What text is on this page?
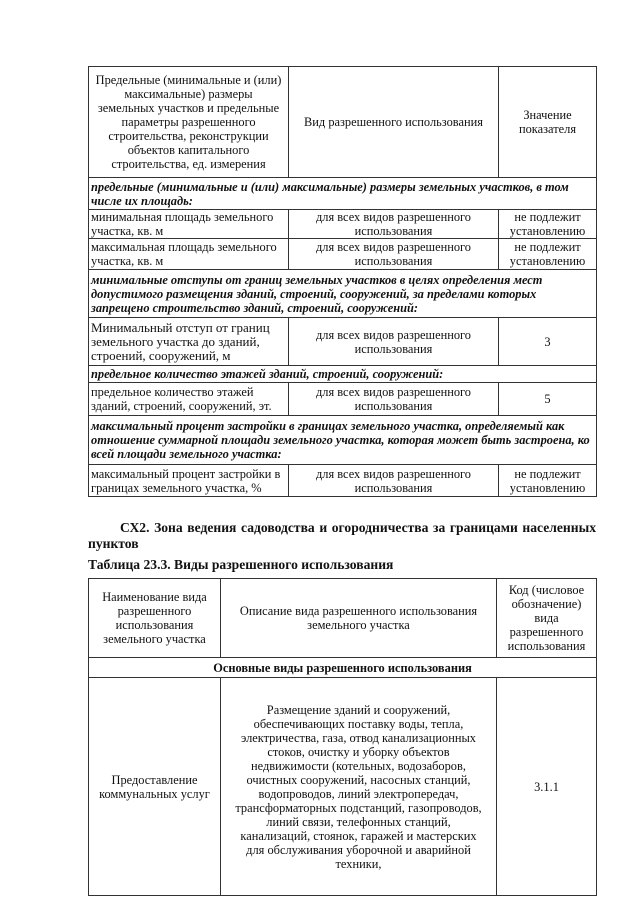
Предельные (минимальные и (или) максимальные) размеры земельных участков и предельные параметры разрешенного строительства, реконструкции объектов капитального строительства, ед. измерения	Вид разрешенного использования	Значение показателя
предельные (минимальные и (или) максимальные) размеры земельных участков, в том числе их площадь:		
минимальная площадь земельного участка, кв. м	для всех видов разрешенного использования	не подлежит установлению
максимальная площадь земельного участка, кв. м	для всех видов разрешенного использования	не подлежит установлению
минимальные отступы от границ земельных участков в целях определения мест допустимого размещения зданий, строений, сооружений, за пределами которых запрещено строительство зданий, строений, сооружений:		
Минимальный отступ от границ земельного участка до зданий, строений, сооружений, м	для всех видов разрешенного использования	3
предельное количество этажей зданий, строений, сооружений:		
предельное количество этажей зданий, строений, сооружений, эт.	для всех видов разрешенного использования	5
максимальный процент застройки в границах земельного участка, определяемый как отношение суммарной площади земельного участка, которая может быть застроена, ко всей площади земельного участка:		
максимальный процент застройки в границах земельного участка, %	для всех видов разрешенного использования	не подлежит установлению
СХ2. Зона ведения садоводства и огородничества за границами населенных пунктов
Таблица 23.3. Виды разрешенного использования
Наименование вида разрешенного использования земельного участка	Описание вида разрешенного использования земельного участка	Код (числовое обозначение) вида разрешенного использования
Основные виды разрешенного использования		
Предоставление коммунальных услуг	Размещение зданий и сооружений, обеспечивающих поставку воды, тепла, электричества, газа, отвод канализационных стоков, очистку и уборку объектов недвижимости (котельных, водозаборов, очистных сооружений, насосных станций, водопроводов, линий электропередач, трансформаторных подстанций, газопроводов, линий связи, телефонных станций, канализаций, стоянок, гаражей и мастерских для обслуживания уборочной и аварийной техники,	3.1.1
